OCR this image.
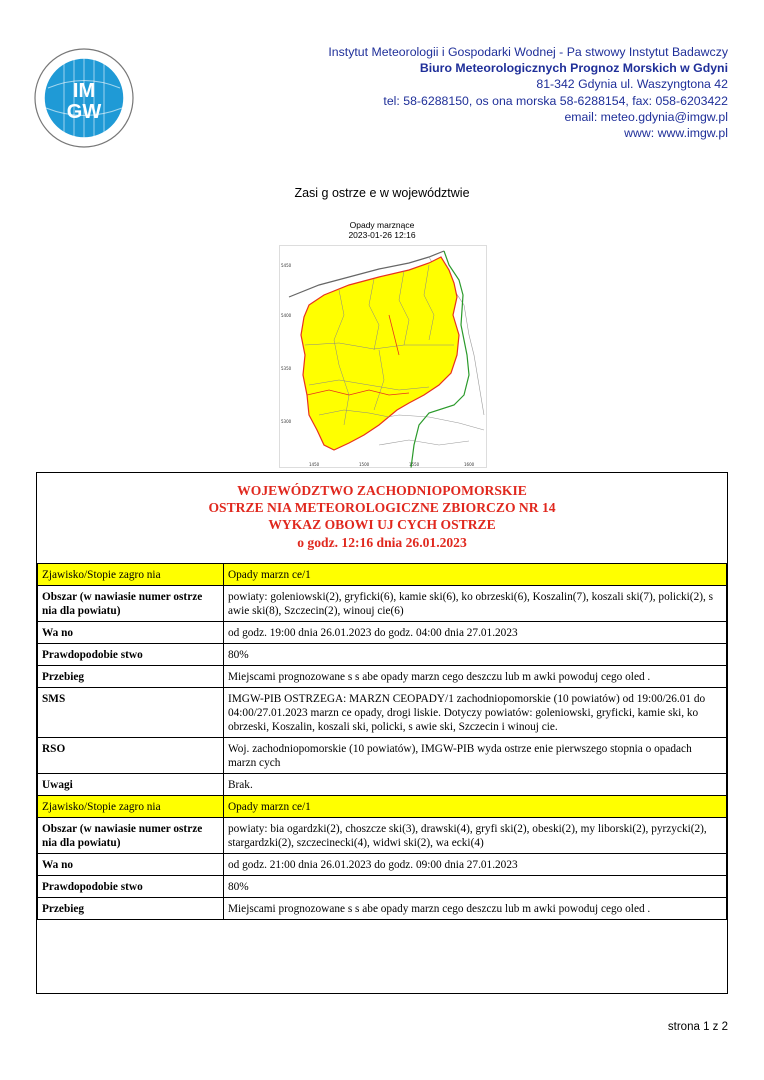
IM
GW
Instytut Meteorologii i Gospodarki Wodnej - Pa stwowy Instytut Badawczy
Biuro Meteorologicznych Prognoz Morskich w Gdyni
81-342 Gdynia ul. Waszyngtona 42
tel: 58-6288150, os ona morska 58-6288154, fax: 058-6203422
email: meteo.gdynia@imgw.pl
www: www.imgw.pl
Zasi g ostrze e w województwie
Opady marznące
2023-01-26 12:16
5450
5400
5350
5300
1450	1500	1550	1600
WOJEWÓDZTWO ZACHODNIOPOMORSKIE
OSTRZE NIA METEOROLOGICZNE ZBIORCZO NR 14
WYKAZ OBOWI UJ CYCH OSTRZE
o godz. 12:16 dnia 26.01.2023
Zjawisko/Stopie zagro nia	Opady marzn ce/1
Obszar (w nawiasie numer ostrze nia dla powiatu)	powiaty: goleniowski(2), gryficki(6), kamie ski(6), ko obrzeski(6), Koszalin(7), koszali ski(7), policki(2), s awie ski(8), Szczecin(2), winouj cie(6)
Wa no	od godz. 19:00 dnia 26.01.2023 do godz. 04:00 dnia 27.01.2023
Prawdopodobie stwo	80%
Przebieg	Miejscami prognozowane s s abe opady marzn cego deszczu lub m awki powoduj cego oled .
SMS	IMGW-PIB OSTRZEGA: MARZN CEOPADY/1 zachodniopomorskie (10 powiatów) od 19:00/26.01 do 04:00/27.01.2023 marzn ce opady, drogi liskie. Dotyczy powiatów: goleniowski, gryficki, kamie ski, ko obrzeski, Koszalin, koszali ski, policki, s awie ski, Szczecin i winouj cie.
RSO	Woj. zachodniopomorskie (10 powiatów), IMGW-PIB wyda ostrze enie pierwszego stopnia o opadach marzn cych
Uwagi	Brak.
Zjawisko/Stopie zagro nia	Opady marzn ce/1
Obszar (w nawiasie numer ostrze nia dla powiatu)	powiaty: bia ogardzki(2), choszcze ski(3), drawski(4), gryfi ski(2), obeski(2), my liborski(2), pyrzycki(2), stargardzki(2), szczecinecki(4), widwi ski(2), wa ecki(4)
Wa no	od godz. 21:00 dnia 26.01.2023 do godz. 09:00 dnia 27.01.2023
Prawdopodobie stwo	80%
Przebieg	Miejscami prognozowane s s abe opady marzn cego deszczu lub m awki powoduj cego oled .
strona 1 z 2
